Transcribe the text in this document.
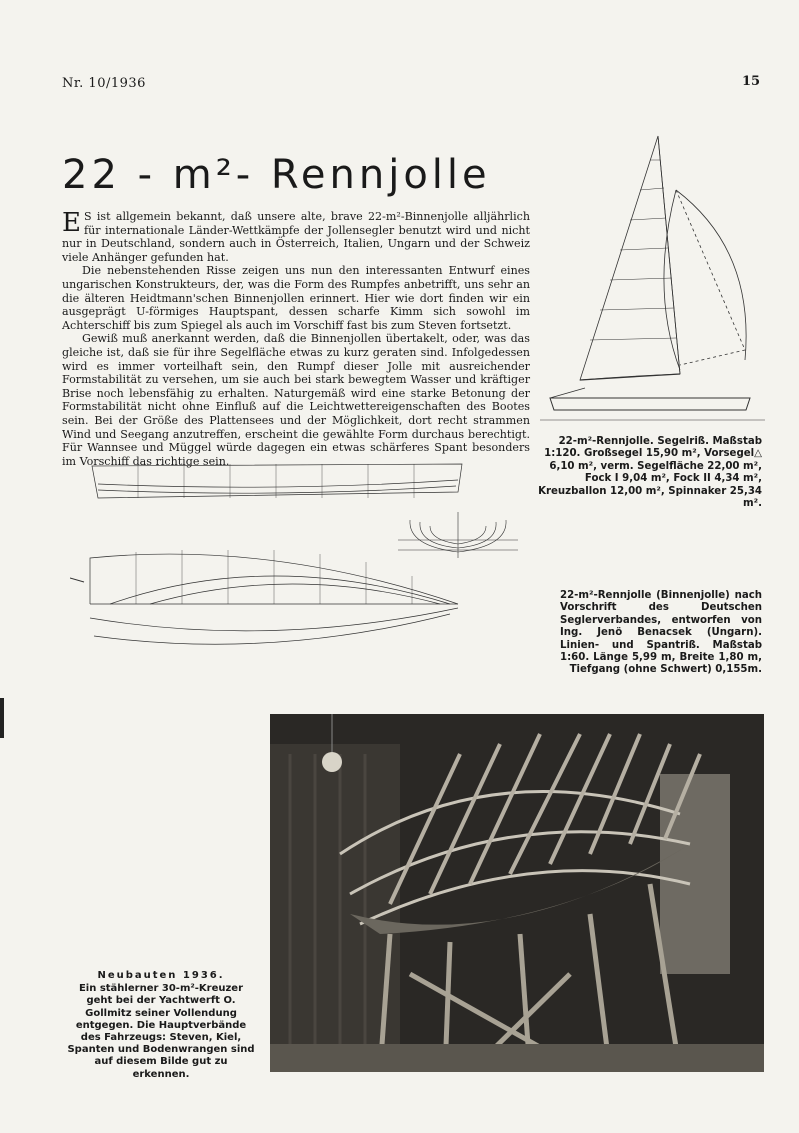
Nr. 10/1936	15
22 - m²- Rennjolle

E S ist allgemein bekannt, daß unsere alte, brave 22-m²-Binnenjolle alljährlich für internationale Länder-Wettkämpfe der Jollensegler benutzt wird und nicht nur in Deutschland, sondern auch in Österreich, Italien, Ungarn und der Schweiz viele Anhänger gefunden hat.

Die nebenstehenden Risse zeigen uns nun den interessanten Entwurf eines ungarischen Konstrukteurs, der, was die Form des Rumpfes anbetrifft, uns sehr an die älteren Heidtmann'schen Binnenjollen erinnert. Hier wie dort finden wir ein ausgeprägt U-förmiges Hauptspant, dessen scharfe Kimm sich sowohl im Achterschiff bis zum Spiegel als auch im Vorschiff fast bis zum Steven fortsetzt.

Gewiß muß anerkannt werden, daß die Binnenjollen übertakelt, oder, was das gleiche ist, daß sie für ihre Segelfläche etwas zu kurz geraten sind. Infolgedessen wird es immer vorteilhaft sein, den Rumpf dieser Jolle mit ausreichender Formstabilität zu versehen, um sie auch bei stark bewegtem Wasser und kräftiger Brise noch lebensfähig zu erhalten. Naturgemäß wird eine starke Betonung der Formstabilität nicht ohne Einfluß auf die Leichtwettereigenschaften des Bootes sein. Bei der Größe des Plattensees und der Möglichkeit, dort recht strammen Wind und Seegang anzutreffen, erscheint die gewählte Form durchaus berechtigt. Für Wannsee und Müggel würde dagegen ein etwas schärferes Spant besonders im Vorschiff das richtige sein.

22-m²-Rennjolle. Segelriß. Maßstab 1:120. Großsegel 15,90 m², Vorsegel△ 6,10 m², verm. Segelfläche 22,00 m², Fock I 9,04 m², Fock II 4,34 m², Kreuzballon 12,00 m², Spinnaker 25,34 m².
22-m²-Rennjolle (Binnenjolle) nach Vorschrift des Deutschen Seglerverbandes, entworfen von Ing. Jenö Benacsek (Ungarn). Linien- und Spantriß. Maßstab 1:60. Länge 5,99 m, Breite 1,80 m, Tiefgang (ohne Schwert) 0,155m.
Neubauten 1936.
Ein stählerner 30-m²-Kreuzer geht bei der Yachtwerft O. Gollmitz seiner Vollendung entgegen. Die Hauptverbände des Fahrzeugs: Steven, Kiel, Spanten und Bodenwrangen sind auf diesem Bilde gut zu erkennen.
